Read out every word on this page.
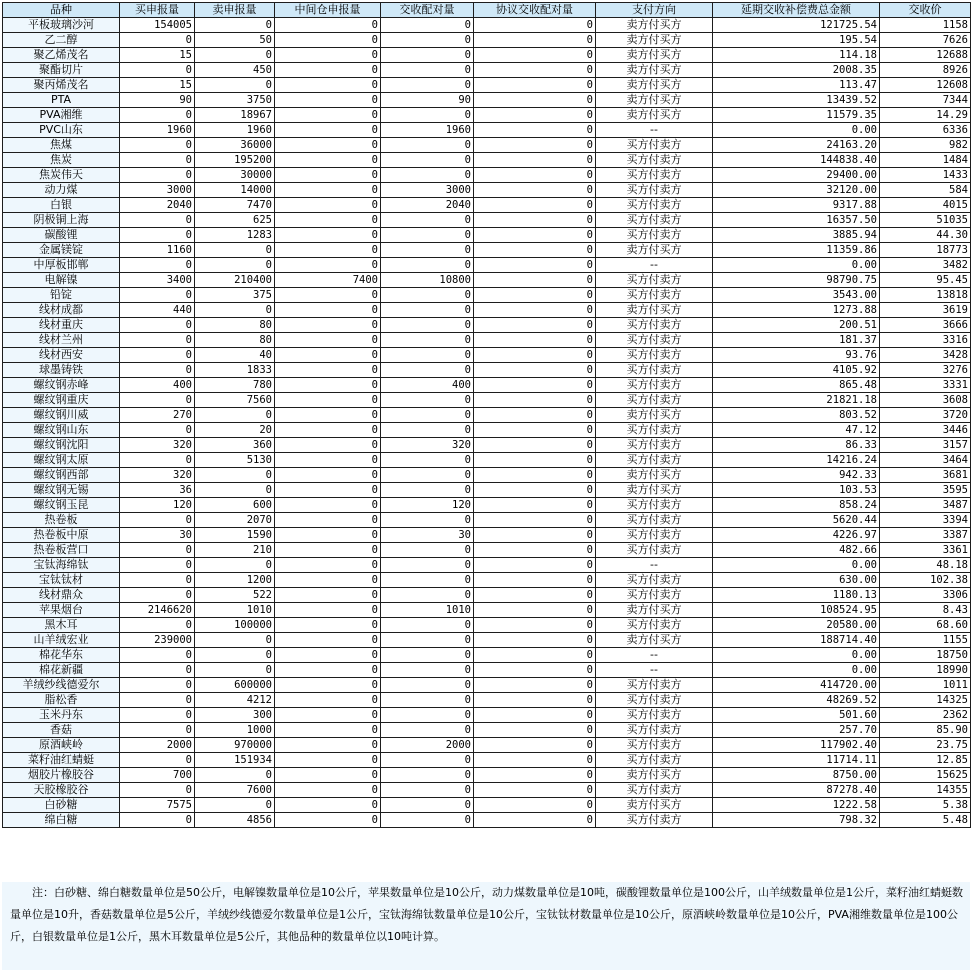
品种	买申报量	卖申报量	中间仓申报量	交收配对量	协议交收配对量	支付方向	延期交收补偿费总金额	交收价
平板玻璃沙河	154005	0	0	0	0	卖方付买方	121725.54	1158
乙二醇	0	50	0	0	0	卖方付买方	195.54	7626
聚乙烯茂名	15	0	0	0	0	卖方付买方	114.18	12688
聚酯切片	0	450	0	0	0	卖方付买方	2008.35	8926
聚丙烯茂名	15	0	0	0	0	卖方付买方	113.47	12608
PTA	90	3750	0	90	0	卖方付买方	13439.52	7344
PVA湘维	0	18967	0	0	0	卖方付买方	11579.35	14.29
PVC山东	1960	1960	0	1960	0	--	0.00	6336
焦煤	0	36000	0	0	0	买方付卖方	24163.20	982
焦炭	0	195200	0	0	0	买方付卖方	144838.40	1484
焦炭伟天	0	30000	0	0	0	买方付卖方	29400.00	1433
动力煤	3000	14000	0	3000	0	买方付卖方	32120.00	584
白银	2040	7470	0	2040	0	买方付卖方	9317.88	4015
阴极铜上海	0	625	0	0	0	买方付卖方	16357.50	51035
碳酸锂	0	1283	0	0	0	买方付卖方	3885.94	44.30
金属镁锭	1160	0	0	0	0	卖方付买方	11359.86	18773
中厚板邯郸	0	0	0	0	0	--	0.00	3482
电解镍	3400	210400	7400	10800	0	买方付卖方	98790.75	95.45
铅锭	0	375	0	0	0	买方付卖方	3543.00	13818
线材成都	440	0	0	0	0	卖方付买方	1273.88	3619
线材重庆	0	80	0	0	0	买方付卖方	200.51	3666
线材兰州	0	80	0	0	0	买方付卖方	181.37	3316
线材西安	0	40	0	0	0	买方付卖方	93.76	3428
球墨铸铁	0	1833	0	0	0	买方付卖方	4105.92	3276
螺纹钢赤峰	400	780	0	400	0	买方付卖方	865.48	3331
螺纹钢重庆	0	7560	0	0	0	买方付卖方	21821.18	3608
螺纹钢川威	270	0	0	0	0	卖方付买方	803.52	3720
螺纹钢山东	0	20	0	0	0	买方付卖方	47.12	3446
螺纹钢沈阳	320	360	0	320	0	买方付卖方	86.33	3157
螺纹钢太原	0	5130	0	0	0	买方付卖方	14216.24	3464
螺纹钢西部	320	0	0	0	0	卖方付买方	942.33	3681
螺纹钢无锡	36	0	0	0	0	卖方付买方	103.53	3595
螺纹钢玉昆	120	600	0	120	0	买方付卖方	858.24	3487
热卷板	0	2070	0	0	0	买方付卖方	5620.44	3394
热卷板中原	30	1590	0	30	0	买方付卖方	4226.97	3387
热卷板营口	0	210	0	0	0	买方付卖方	482.66	3361
宝钛海绵钛	0	0	0	0	0	--	0.00	48.18
宝钛钛材	0	1200	0	0	0	买方付卖方	630.00	102.38
线材鼎众	0	522	0	0	0	买方付卖方	1180.13	3306
苹果烟台	2146620	1010	0	1010	0	卖方付买方	108524.95	8.43
黑木耳	0	100000	0	0	0	买方付卖方	20580.00	68.60
山羊绒宏业	239000	0	0	0	0	卖方付买方	188714.40	1155
棉花华东	0	0	0	0	0	--	0.00	18750
棉花新疆	0	0	0	0	0	--	0.00	18990
羊绒纱线德爱尔	0	600000	0	0	0	买方付卖方	414720.00	1011
脂松香	0	4212	0	0	0	买方付卖方	48269.52	14325
玉米丹东	0	300	0	0	0	买方付卖方	501.60	2362
香菇	0	1000	0	0	0	买方付卖方	257.70	85.90
原酒峡岭	2000	970000	0	2000	0	买方付卖方	117902.40	23.75
菜籽油红蜻蜓	0	151934	0	0	0	买方付卖方	11714.11	12.85
烟胶片橡胶谷	700	0	0	0	0	卖方付买方	8750.00	15625
天胶橡胶谷	0	7600	0	0	0	买方付卖方	87278.40	14355
白砂糖	7575	0	0	0	0	卖方付买方	1222.58	5.38
绵白糖	0	4856	0	0	0	买方付卖方	798.32	5.48
注：白砂糖、绵白糖数量单位是50公斤，电解镍数量单位是10公斤，苹果数量单位是10公斤，动力煤数量单位是10吨，碳酸锂数量单位是100公斤，山羊绒数量单位是1公斤，菜籽油红蜻蜓数量单位是10升，香菇数量单位是5公斤，羊绒纱线德爱尔数量单位是1公斤，宝钛海绵钛数量单位是10公斤，宝钛钛材数量单位是10公斤，原酒峡岭数量单位是10公斤，PVA湘维数量单位是100公斤，白银数量单位是1公斤，黑木耳数量单位是5公斤，其他品种的数量单位以10吨计算。
